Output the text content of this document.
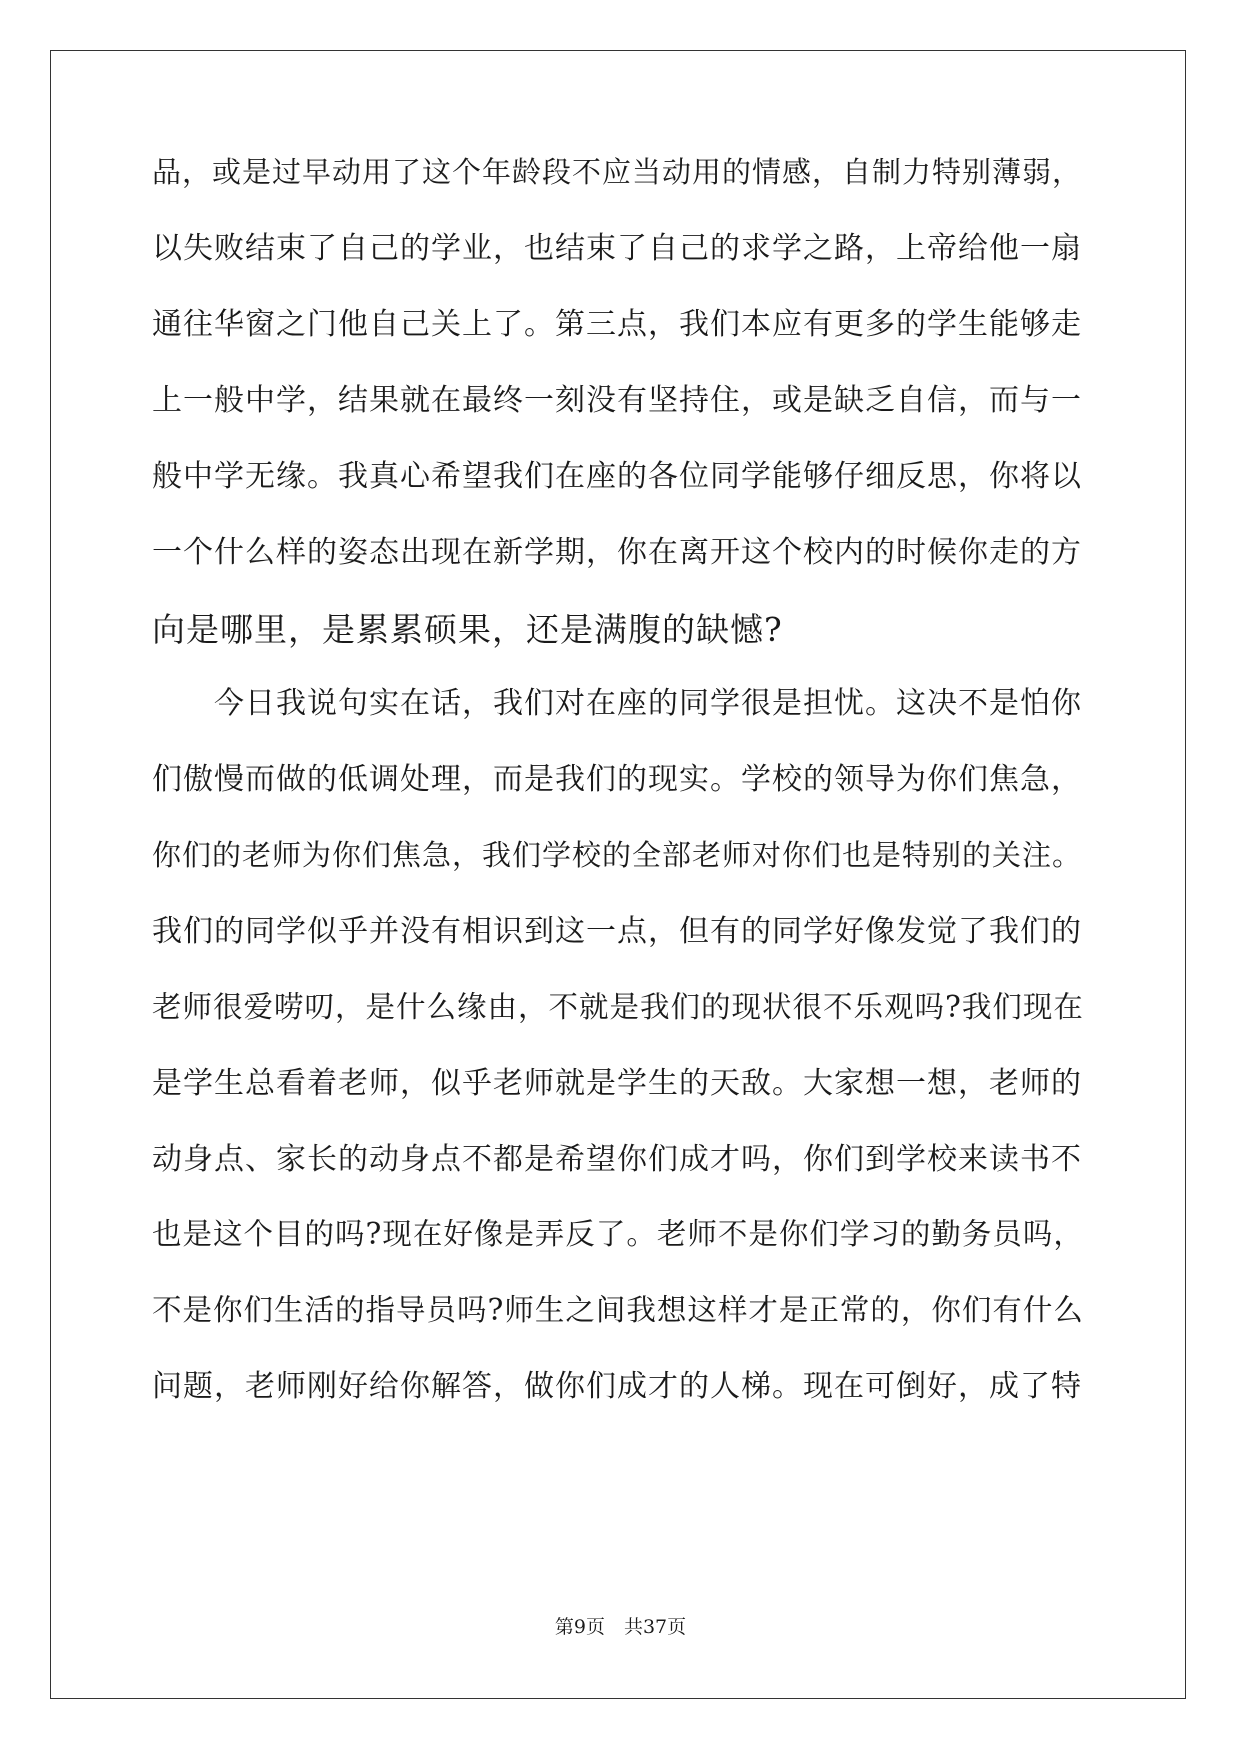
品，或是过早动用了这个年龄段不应当动用的情感，自制力特别薄弱，
以失败结束了自己的学业，也结束了自己的求学之路，上帝给他一扇
通往华窗之门他自己关上了。第三点，我们本应有更多的学生能够走
上一般中学，结果就在最终一刻没有坚持住，或是缺乏自信，而与一
般中学无缘。我真心希望我们在座的各位同学能够仔细反思，你将以
一个什么样的姿态出现在新学期，你在离开这个校内的时候你走的方
向是哪里，是累累硕果，还是满腹的缺憾?
　　今日我说句实在话，我们对在座的同学很是担忧。这决不是怕你
们傲慢而做的低调处理，而是我们的现实。学校的领导为你们焦急，
你们的老师为你们焦急，我们学校的全部老师对你们也是特别的关注。
我们的同学似乎并没有相识到这一点，但有的同学好像发觉了我们的
老师很爱唠叨，是什么缘由，不就是我们的现状很不乐观吗?我们现在
是学生总看着老师，似乎老师就是学生的天敌。大家想一想，老师的
动身点、家长的动身点不都是希望你们成才吗，你们到学校来读书不
也是这个目的吗?现在好像是弄反了。老师不是你们学习的勤务员吗，
不是你们生活的指导员吗?师生之间我想这样才是正常的，你们有什么
问题，老师刚好给你解答，做你们成才的人梯。现在可倒好，成了特
第9页　共37页
